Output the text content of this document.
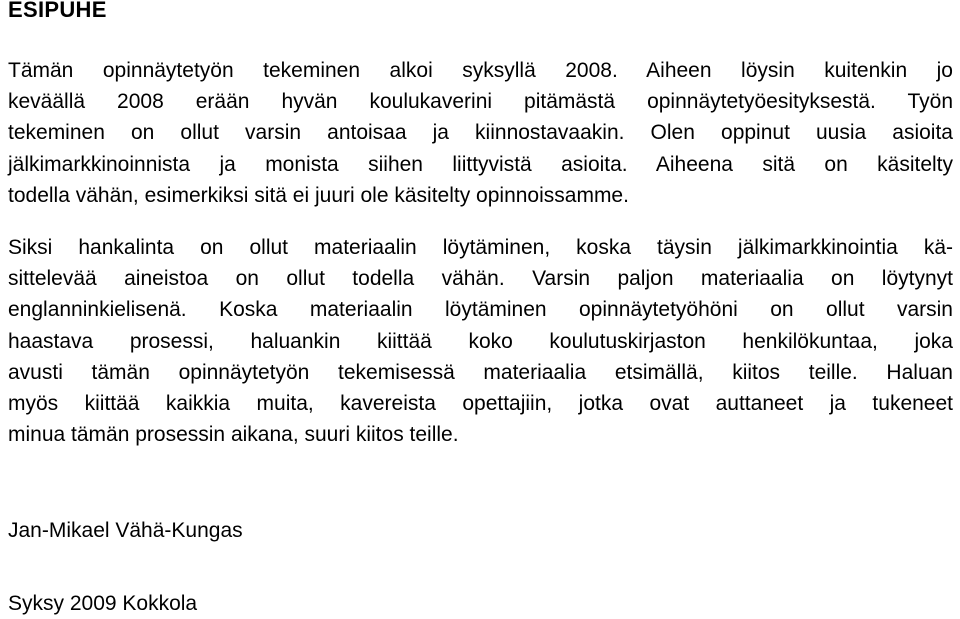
ESIPUHE
Tämän opinnäytetyön tekeminen alkoi syksyllä 2008. Aiheen löysin kuitenkin jo
keväällä 2008 erään hyvän koulukaverini pitämästä opinnäytetyöesityksestä. Työn
tekeminen on ollut varsin antoisaa ja kiinnostavaakin. Olen oppinut uusia asioita
jälkimarkkinoinnista ja monista siihen liittyvistä asioita. Aiheena sitä on käsitelty
todella vähän, esimerkiksi sitä ei juuri ole käsitelty opinnoissamme.
Siksi hankalinta on ollut materiaalin löytäminen, koska täysin jälkimarkkinointia kä-
sittelevää aineistoa on ollut todella vähän. Varsin paljon materiaalia on löytynyt
englanninkielisenä. Koska materiaalin löytäminen opinnäytetyöhöni on ollut varsin
haastava prosessi, haluankin kiittää koko koulutuskirjaston henkilökuntaa, joka
avusti tämän opinnäytetyön tekemisessä materiaalia etsimällä, kiitos teille. Haluan
myös kiittää kaikkia muita, kavereista opettajiin, jotka ovat auttaneet ja tukeneet
minua tämän prosessin aikana, suuri kiitos teille.

Jan-Mikael Vähä-Kungas

Syksy 2009 Kokkola
